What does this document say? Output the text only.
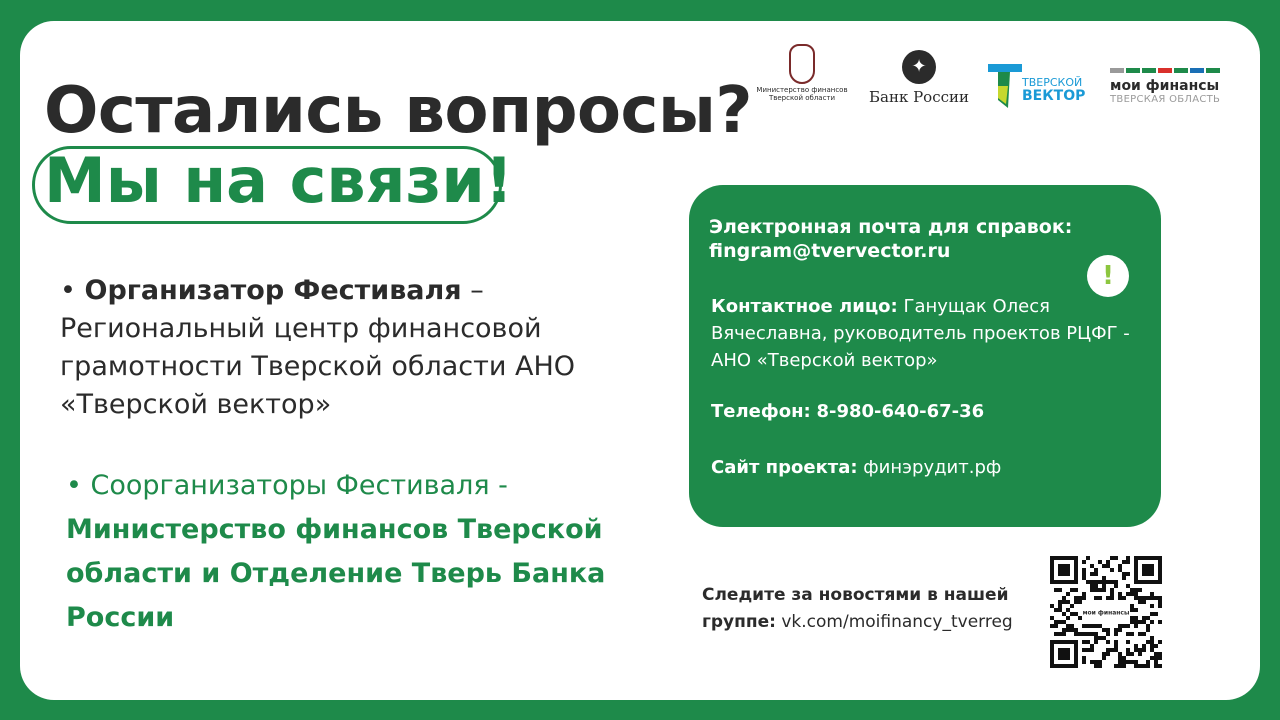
Остались вопросы?
Мы на связи!
• Организатор Фестиваля – Региональный центр финансовой грамотности Тверской области АНО «Тверской вектор»
• Соорганизаторы Фестиваля -
Министерство финансов Тверской области и Отделение Тверь Банка России
Министерство финансов Тверской области
✦
Банк России
ТВЕРСКОЙ
ВЕКТОР
мои финансы
ТВЕРСКАЯ ОБЛАСТЬ
Электронная почта для справок:
fingram@tvervector.ru
!
Контактное лицо: Ганущак Олеся Вячеславна, руководитель проектов РЦФГ - АНО «Тверской вектор»
Телефон: 8-980-640-67-36
Сайт проекта: финэрудит.рф
Следите за новостями в нашей
группе: vk.com/moifinancy_tverreg	мои финансы
